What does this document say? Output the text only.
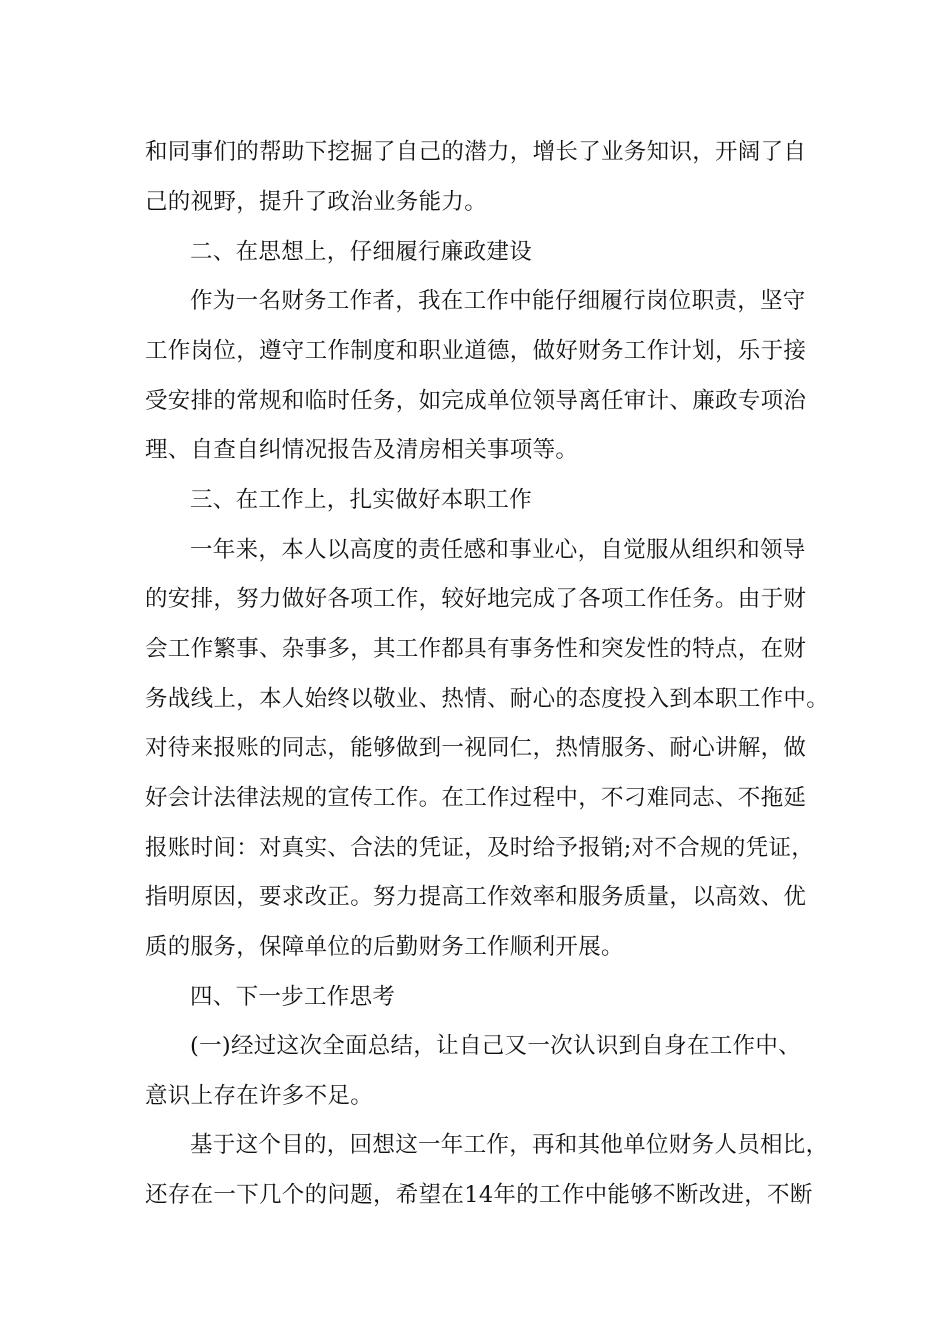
和同事们的帮助下挖掘了自己的潜力，增长了业务知识，开阔了自
己的视野，提升了政治业务能力。
二、在思想上，仔细履行廉政建设
作为一名财务工作者，我在工作中能仔细履行岗位职责，坚守
工作岗位，遵守工作制度和职业道德，做好财务工作计划，乐于接
受安排的常规和临时任务，如完成单位领导离任审计、廉政专项治
理、自查自纠情况报告及清房相关事项等。
三、在工作上，扎实做好本职工作
一年来，本人以高度的责任感和事业心，自觉服从组织和领导
的安排，努力做好各项工作，较好地完成了各项工作任务。由于财
会工作繁事、杂事多，其工作都具有事务性和突发性的特点，在财
务战线上，本人始终以敬业、热情、耐心的态度投入到本职工作中。
对待来报账的同志，能够做到一视同仁，热情服务、耐心讲解，做
好会计法律法规的宣传工作。在工作过程中，不刁难同志、不拖延
报账时间：对真实、合法的凭证，及时给予报销;对不合规的凭证，
指明原因，要求改正。努力提高工作效率和服务质量，以高效、优
质的服务，保障单位的后勤财务工作顺利开展。
四、下一步工作思考
(一)经过这次全面总结，让自己又一次认识到自身在工作中、
意识上存在许多不足。
基于这个目的，回想这一年工作，再和其他单位财务人员相比，
还存在一下几个的问题，希望在14年的工作中能够不断改进，不断
